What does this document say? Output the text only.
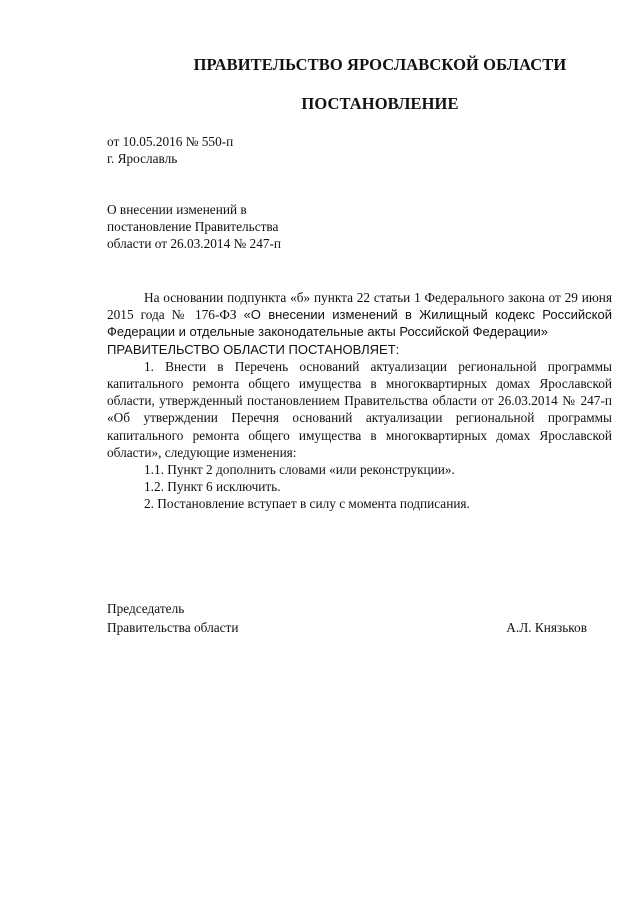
ПРАВИТЕЛЬСТВО ЯРОСЛАВСКОЙ ОБЛАСТИ
ПОСТАНОВЛЕНИЕ
от 10.05.2016 № 550-п
г. Ярославль
О внесении изменений в
постановление Правительства
области от 26.03.2014 № 247-п

На основании подпункта «б» пункта 22 статьи 1 Федерального закона от 29 июня 2015 года № 176-ФЗ «О внесении изменений в Жилищный кодекс Российской Федерации и отдельные законодательные акты Российской Федерации»

ПРАВИТЕЛЬСТВО ОБЛАСТИ ПОСТАНОВЛЯЕТ:

1. Внести в Перечень оснований актуализации региональной программы капитального ремонта общего имущества в многоквартирных домах Ярославской области, утвержденный постановлением Правительства области от 26.03.2014 № 247-п «Об утверждении Перечня оснований актуализации региональной программы капитального ремонта общего имущества в многоквартирных домах Ярославской области», следующие изменения:

1.1. Пункт 2 дополнить словами «или реконструкции».

1.2. Пункт 6 исключить.

2. Постановление вступает в силу с момента подписания.

Председатель
Правительства области	А.Л. Князьков
